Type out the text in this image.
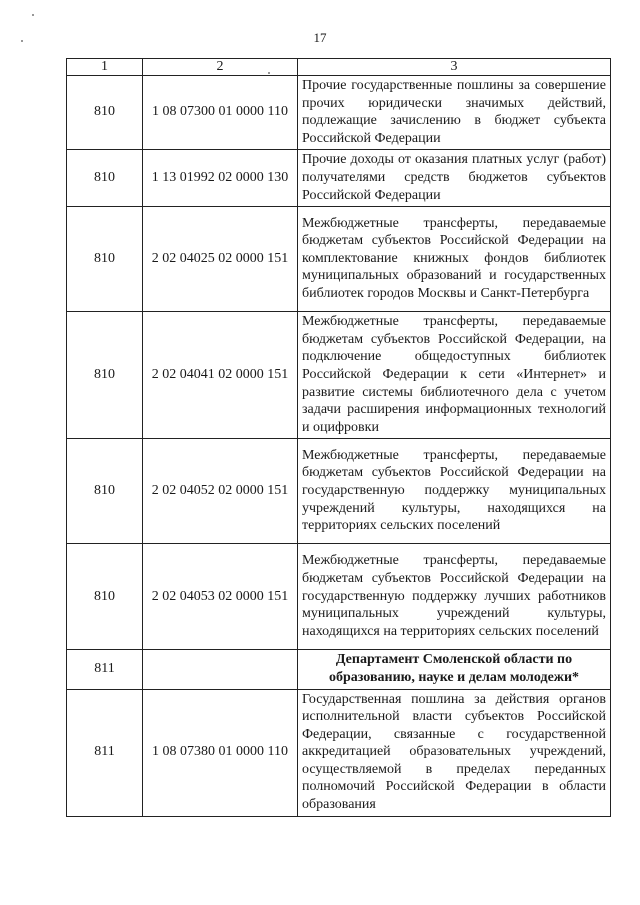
17
1	2	3
810	1 08 07300 01 0000 110	Прочие государственные пошлины за совершение прочих юридически значимых действий, подлежащие зачислению в бюджет субъекта Российской Федерации
810	1 13 01992 02 0000 130	Прочие доходы от оказания платных услуг (работ) получателями средств бюджетов субъектов Российской Федерации
810	2 02 04025 02 0000 151	Межбюджетные трансферты, передаваемые бюджетам субъектов Российской Федерации на комплектование книжных фондов библиотек муниципальных образований и государственных библиотек городов Москвы и Санкт-Петербурга
810	2 02 04041 02 0000 151	Межбюджетные трансферты, передаваемые бюджетам субъектов Российской Федерации, на подключение общедоступных библиотек Российской Федерации к сети «Интернет» и развитие системы библиотечного дела с учетом задачи расширения информационных технологий и оцифровки
810	2 02 04052 02 0000 151	Межбюджетные трансферты, передаваемые бюджетам субъектов Российской Федерации на государственную поддержку муниципальных учреждений культуры, находящихся на территориях сельских поселений
810	2 02 04053 02 0000 151	Межбюджетные трансферты, передаваемые бюджетам субъектов Российской Федерации на государственную поддержку лучших работников муниципальных учреждений культуры, находящихся на территориях сельских поселений
811		Департамент Смоленской области по образованию, науке и делам молодежи*
811	1 08 07380 01 0000 110	Государственная пошлина за действия органов исполнительной власти субъектов Российской Федерации, связанные с государственной аккредитацией образовательных учреждений, осуществляемой в пределах переданных полномочий Российской Федерации в области образования
